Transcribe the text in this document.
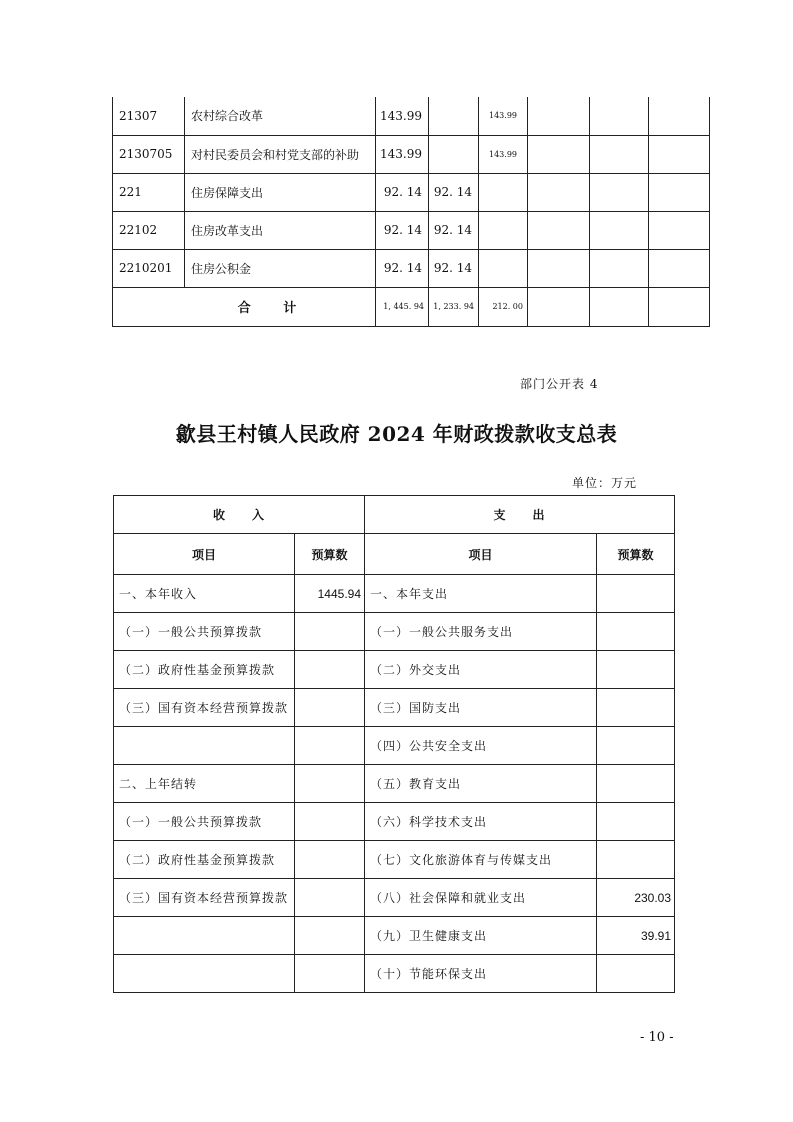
21307	农村综合改革	143.99		143.99			
2130705	对村民委员会和村党支部的补助	143.99		143.99			
221	住房保障支出	92. 14	92. 14				
22102	住房改革支出	92. 14	92. 14				
2210201	住房公积金	92. 14	92. 14				
合 计		1, 445. 94	1, 233. 94	212. 00			
部门公开表 4
歙县王村镇人民政府 2024 年财政拨款收支总表
单位：万元
收　　入		支　　出	
项目	预算数	项目	预算数
一、本年收入	1445.94	一、本年支出	
（一）一般公共预算拨款		（一）一般公共服务支出	
（二）政府性基金预算拨款		（二）外交支出	
（三）国有资本经营预算拨款		（三）国防支出	
		（四）公共安全支出	
二、上年结转		（五）教育支出	
（一）一般公共预算拨款		（六）科学技术支出	
（二）政府性基金预算拨款		（七）文化旅游体育与传媒支出	
（三）国有资本经营预算拨款		（八）社会保障和就业支出	230.03
		（九）卫生健康支出	39.91
		（十）节能环保支出	
- 10 -
